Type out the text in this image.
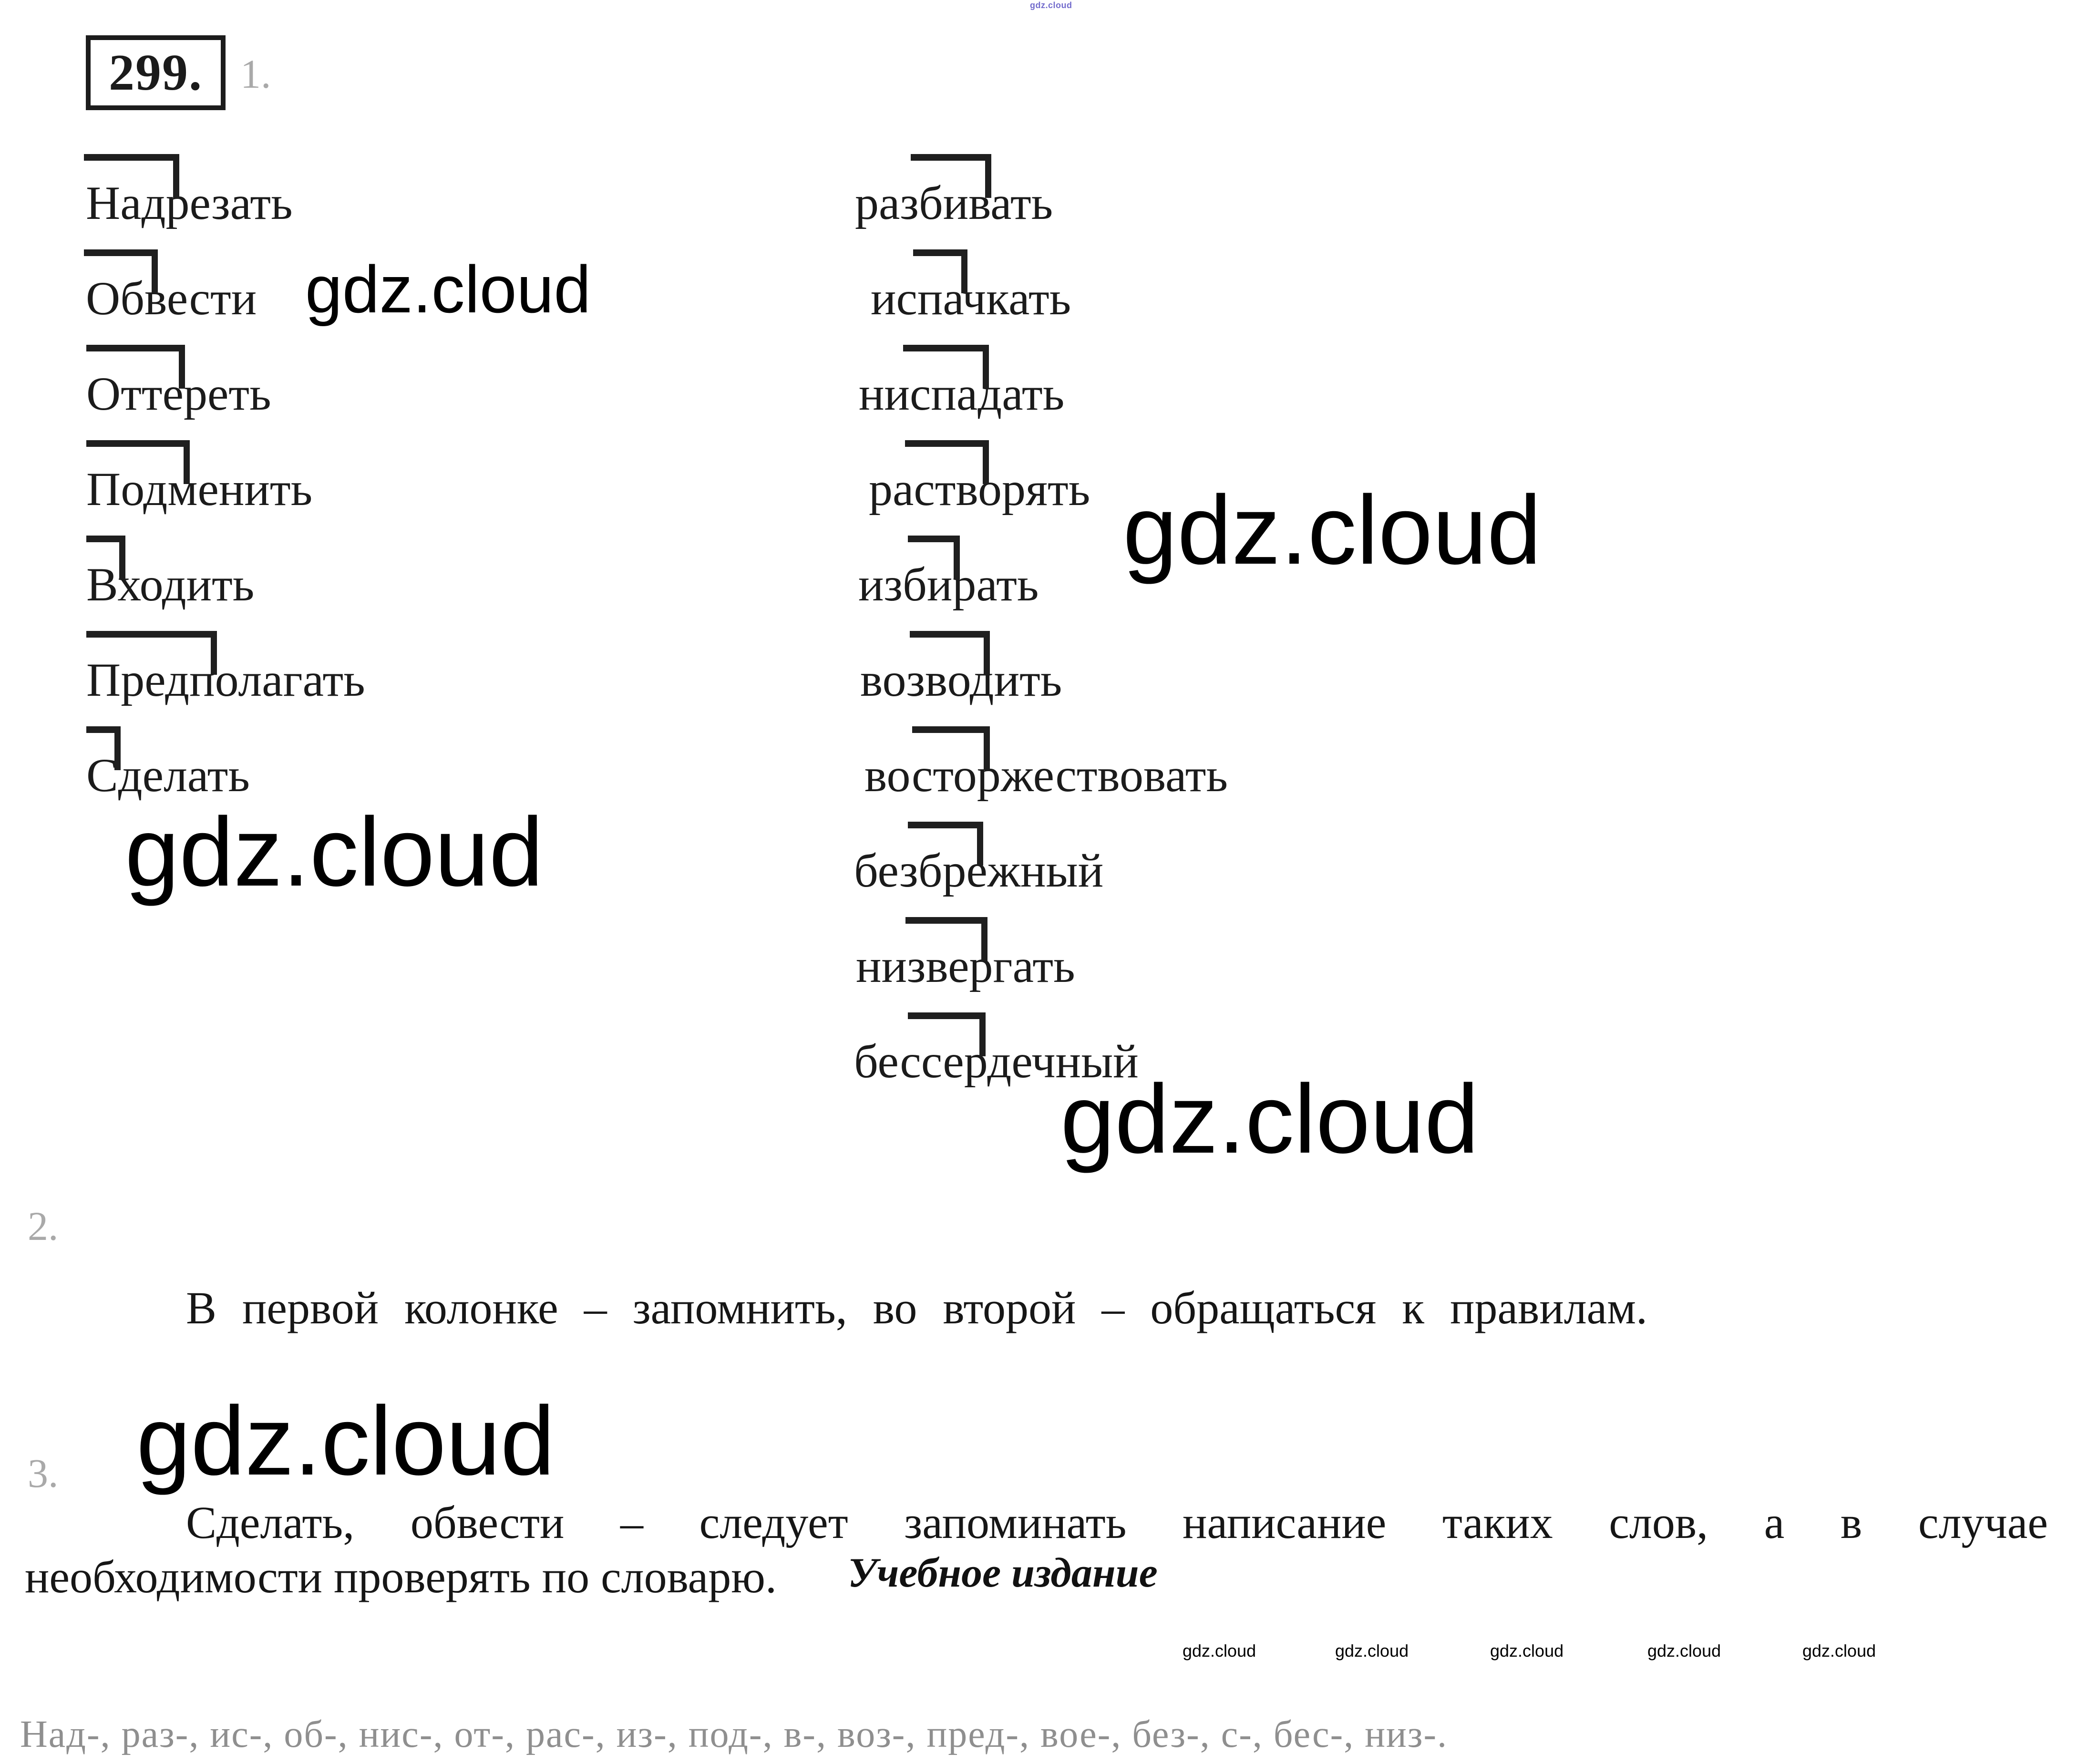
299. 1.
Надрезать
Обвести
Оттереть
Подменить
Входить
Предполагать
Сделать
разбивать
испачкать
ниспадать
растворять
избирать
возводить
восторжествовать
безбрежный
низвергать
бессердечный
gdz.cloud
gdz.cloud
gdz.cloud
gdz.cloud
gdz.cloud
gdz.cloud
gdz.cloud	gdz.cloud	gdz.cloud	gdz.cloud	gdz.cloud
2.
В первой колонке – запомнить, во второй – обращаться к правилам.
3.
Сделать, обвести – следует запоминать написание таких слов, а в случае
необходимости проверять по словарю. Учебное издание
Над-, раз-, ис-, об-, нис-, от-, рас-, из-, под-, в-, воз-, пред-, вое-, без-, с-, бес-, низ-.
